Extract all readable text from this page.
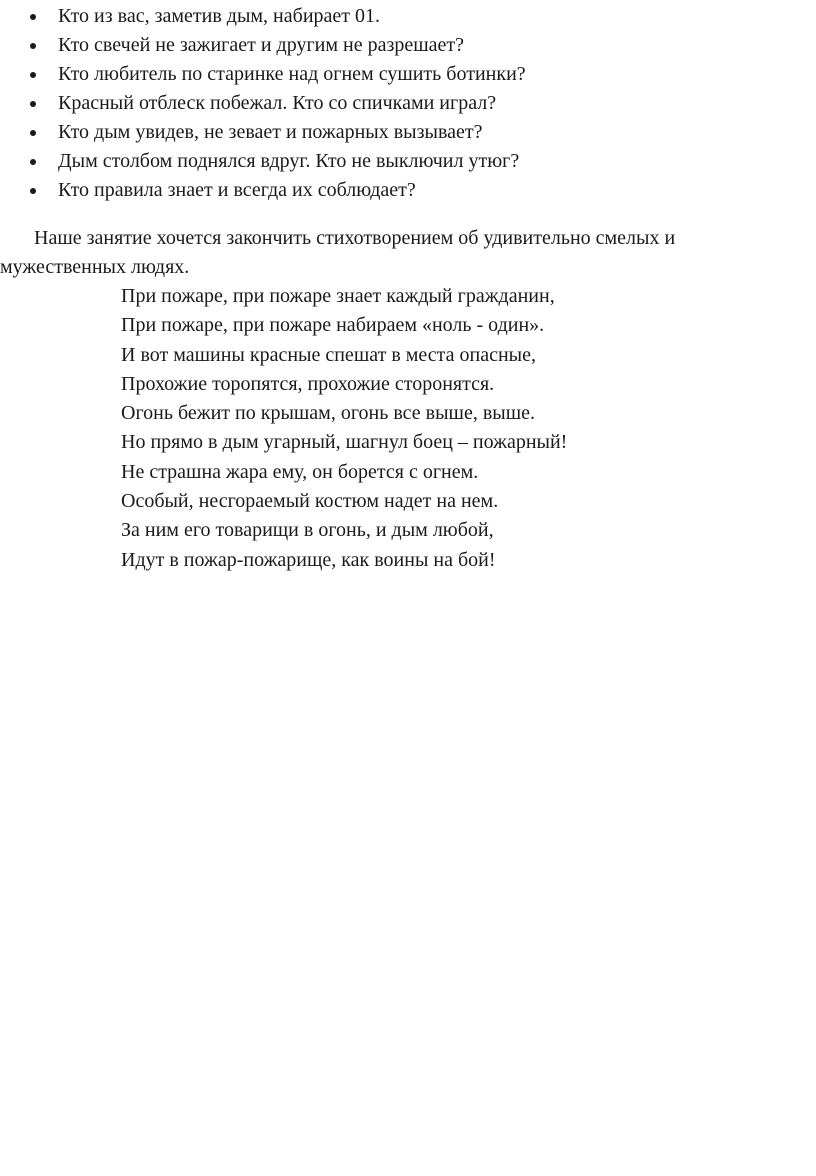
Кто из вас, заметив дым, набирает 01.
Кто свечей не зажигает и другим не разрешает?
Кто любитель по старинке над огнем сушить ботинки?
Красный отблеск побежал. Кто со спичками играл?
Кто дым увидев, не зевает и пожарных вызывает?
Дым столбом поднялся вдруг. Кто не выключил утюг?
Кто правила знает и всегда их соблюдает?

Наше занятие хочется закончить стихотворением об удивительно смелых и мужественных людях.

При пожаре, при пожаре знает каждый гражданин,
При пожаре, при пожаре набираем «ноль - один».
И вот машины красные спешат в места опасные,
Прохожие торопятся, прохожие сторонятся.
Огонь бежит по крышам, огонь все выше, выше.
Но прямо в дым угарный, шагнул боец – пожарный!
Не страшна жара ему, он борется с огнем.
Особый, несгораемый костюм надет на нем.
За ним его товарищи в огонь, и дым любой,
Идут в пожар-пожарище, как воины на бой!
